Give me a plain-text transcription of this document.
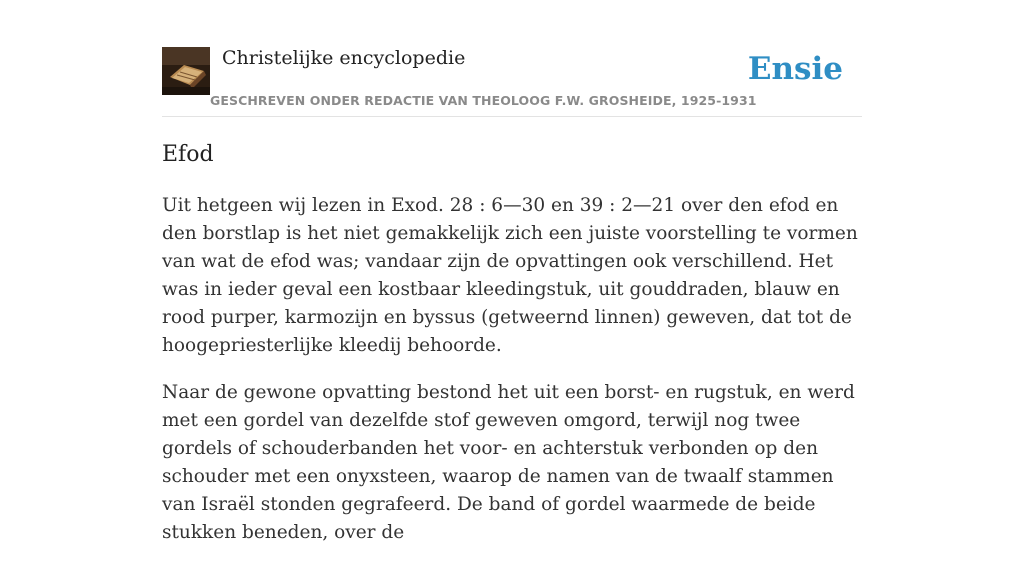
Christelijke encyclopedie
GESCHREVEN ONDER REDACTIE VAN THEOLOOG F.W. GROSHEIDE, 1925-1931
Ensie
Efod

Uit hetgeen wij lezen in Exod. 28 : 6—30 en 39 : 2—21 over den efod en den borstlap is het niet gemakkelijk zich een juiste voorstelling te vormen van wat de efod was; vandaar zijn de opvattingen ook verschillend. Het was in ieder geval een kostbaar kleedingstuk, uit gouddraden, blauw en rood purper, karmozijn en byssus (getweernd linnen) geweven, dat tot de hoogepriesterlijke kleedij behoorde.

Naar de gewone opvatting bestond het uit een borst- en rugstuk, en werd met een gordel van dezelfde stof geweven omgord, terwijl nog twee gordels of schouderbanden het voor- en achterstuk verbonden op den schouder met een onyxsteen, waarop de namen van de twaalf stammen van Israël stonden gegrafeerd. De band of gordel waarmede de beide stukken beneden, over de
